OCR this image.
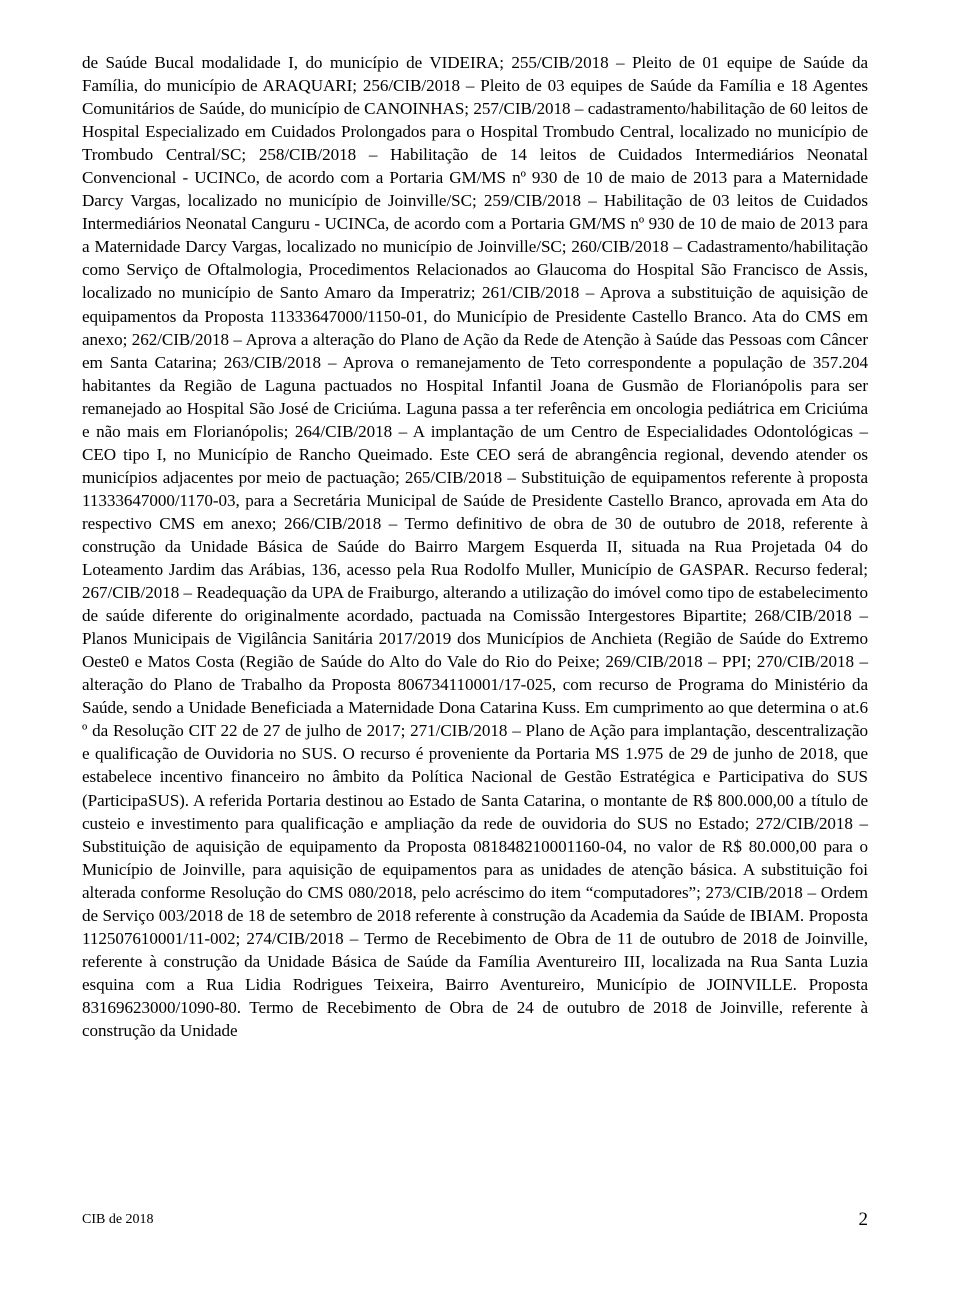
de Saúde Bucal modalidade I, do município de VIDEIRA; 255/CIB/2018 – Pleito de 01 equipe de Saúde da Família, do município de ARAQUARI; 256/CIB/2018 – Pleito de 03 equipes de Saúde da Família e 18 Agentes Comunitários de Saúde, do município de CANOINHAS; 257/CIB/2018 – cadastramento/habilitação de 60 leitos de Hospital Especializado em Cuidados Prolongados para o Hospital Trombudo Central, localizado no município de Trombudo Central/SC; 258/CIB/2018 – Habilitação de 14 leitos de Cuidados Intermediários Neonatal Convencional - UCINCo, de acordo com a Portaria GM/MS nº 930 de 10 de maio de 2013 para a Maternidade Darcy Vargas, localizado no município de Joinville/SC; 259/CIB/2018 – Habilitação de 03 leitos de Cuidados Intermediários Neonatal Canguru - UCINCa, de acordo com a Portaria GM/MS nº 930 de 10 de maio de 2013 para a Maternidade Darcy Vargas, localizado no município de Joinville/SC; 260/CIB/2018 – Cadastramento/habilitação como Serviço de Oftalmologia, Procedimentos Relacionados ao Glaucoma do Hospital São Francisco de Assis, localizado no município de Santo Amaro da Imperatriz; 261/CIB/2018 – Aprova a substituição de aquisição de equipamentos da Proposta 11333647000/1150-01, do Município de Presidente Castello Branco. Ata do CMS em anexo; 262/CIB/2018 – Aprova a alteração do Plano de Ação da Rede de Atenção à Saúde das Pessoas com Câncer em Santa Catarina; 263/CIB/2018 – Aprova o remanejamento de Teto correspondente a população de 357.204 habitantes da Região de Laguna pactuados no Hospital Infantil Joana de Gusmão de Florianópolis para ser remanejado ao Hospital São José de Criciúma. Laguna passa a ter referência em oncologia pediátrica em Criciúma e não mais em Florianópolis; 264/CIB/2018 – A implantação de um Centro de Especialidades Odontológicas – CEO tipo I, no Município de Rancho Queimado. Este CEO será de abrangência regional, devendo atender os municípios adjacentes por meio de pactuação; 265/CIB/2018 – Substituição de equipamentos referente à proposta 11333647000/1170-03, para a Secretária Municipal de Saúde de Presidente Castello Branco, aprovada em Ata do respectivo CMS em anexo; 266/CIB/2018 – Termo definitivo de obra de 30 de outubro de 2018, referente à construção da Unidade Básica de Saúde do Bairro Margem Esquerda II, situada na Rua Projetada 04 do Loteamento Jardim das Arábias, 136, acesso pela Rua Rodolfo Muller, Município de GASPAR. Recurso federal; 267/CIB/2018 – Readequação da UPA de Fraiburgo, alterando a utilização do imóvel como tipo de estabelecimento de saúde diferente do originalmente acordado, pactuada na Comissão Intergestores Bipartite; 268/CIB/2018 – Planos Municipais de Vigilância Sanitária 2017/2019 dos Municípios de Anchieta (Região de Saúde do Extremo Oeste0 e Matos Costa (Região de Saúde do Alto do Vale do Rio do Peixe; 269/CIB/2018 – PPI; 270/CIB/2018 – alteração do Plano de Trabalho da Proposta 806734110001/17-025, com recurso de Programa do Ministério da Saúde, sendo a Unidade Beneficiada a Maternidade Dona Catarina Kuss. Em cumprimento ao que determina o at.6 º da Resolução CIT 22 de 27 de julho de 2017; 271/CIB/2018 – Plano de Ação para implantação, descentralização e qualificação de Ouvidoria no SUS. O recurso é proveniente da Portaria MS 1.975 de 29 de junho de 2018, que estabelece incentivo financeiro no âmbito da Política Nacional de Gestão Estratégica e Participativa do SUS (ParticipaSUS). A referida Portaria destinou ao Estado de Santa Catarina, o montante de R$ 800.000,00 a título de custeio e investimento para qualificação e ampliação da rede de ouvidoria do SUS no Estado; 272/CIB/2018 – Substituição de aquisição de equipamento da Proposta 081848210001160-04, no valor de R$ 80.000,00 para o Município de Joinville, para aquisição de equipamentos para as unidades de atenção básica. A substituição foi alterada conforme Resolução do CMS 080/2018, pelo acréscimo do item “computadores”; 273/CIB/2018 – Ordem de Serviço 003/2018 de 18 de setembro de 2018 referente à construção da Academia da Saúde de IBIAM. Proposta 112507610001/11-002; 274/CIB/2018 – Termo de Recebimento de Obra de 11 de outubro de 2018 de Joinville, referente à construção da Unidade Básica de Saúde da Família Aventureiro III, localizada na Rua Santa Luzia esquina com a Rua Lidia Rodrigues Teixeira, Bairro Aventureiro, Município de JOINVILLE. Proposta 83169623000/1090-80. Termo de Recebimento de Obra de 24 de outubro de 2018 de Joinville, referente à construção da Unidade

CIB de 2018	2
